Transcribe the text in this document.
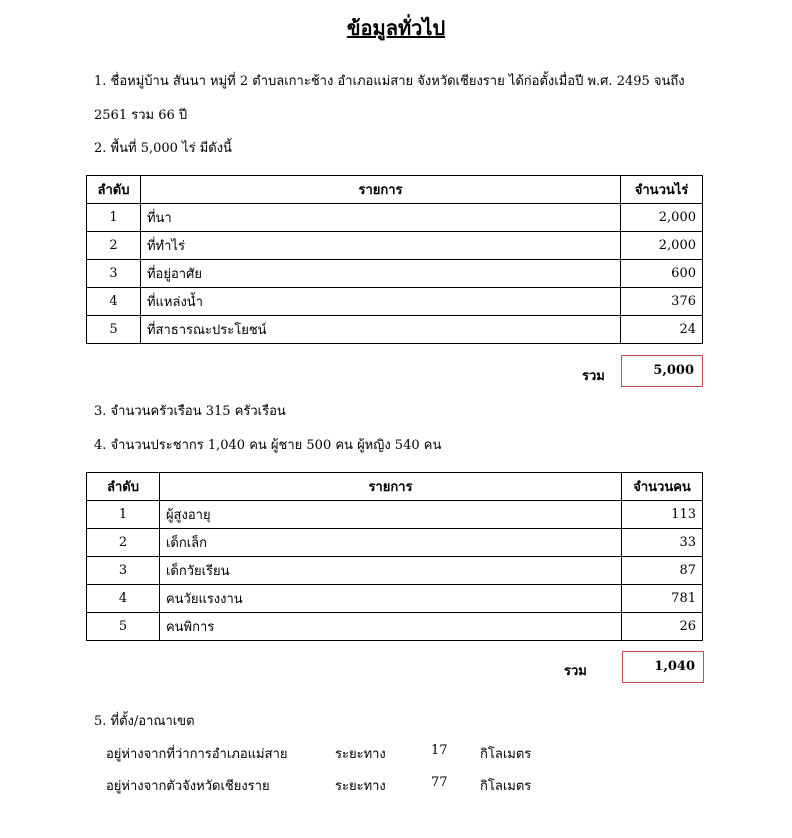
ข้อมูลทั่วไป
1. ชื่อหมู่บ้าน สันนา หมู่ที่ 2 ตำบลเกาะช้าง อำเภอแม่สาย จังหวัดเชียงราย ได้ก่อตั้งเมื่อปี พ.ศ. 2495 จนถึง
2561 รวม 66 ปี
2. พื้นที่ 5,000 ไร่ มีดังนี้
ลำดับ	รายการ	จำนวนไร่
1	ที่นา	2,000
2	ที่ทำไร่	2,000
3	ที่อยู่อาศัย	600
4	ที่แหล่งน้ำ	376
5	ที่สาธารณะประโยชน์	24
รวม	5,000
3. จำนวนครัวเรือน 315 ครัวเรือน
4. จำนวนประชากร 1,040 คน ผู้ชาย 500 คน ผู้หญิง 540 คน
ลำดับ	รายการ	จำนวนคน
1	ผู้สูงอายุ	113
2	เด็กเล็ก	33
3	เด็กวัยเรียน	87
4	คนวัยแรงงาน	781
5	คนพิการ	26
รวม	1,040
5. ที่ตั้ง/อาณาเขต
อยู่ห่างจากที่ว่าการอำเภอแม่สาย	ระยะทาง	17 กิโลเมตร
อยู่ห่างจากตัวจังหวัดเชียงราย	ระยะทาง	77 กิโลเมตร
